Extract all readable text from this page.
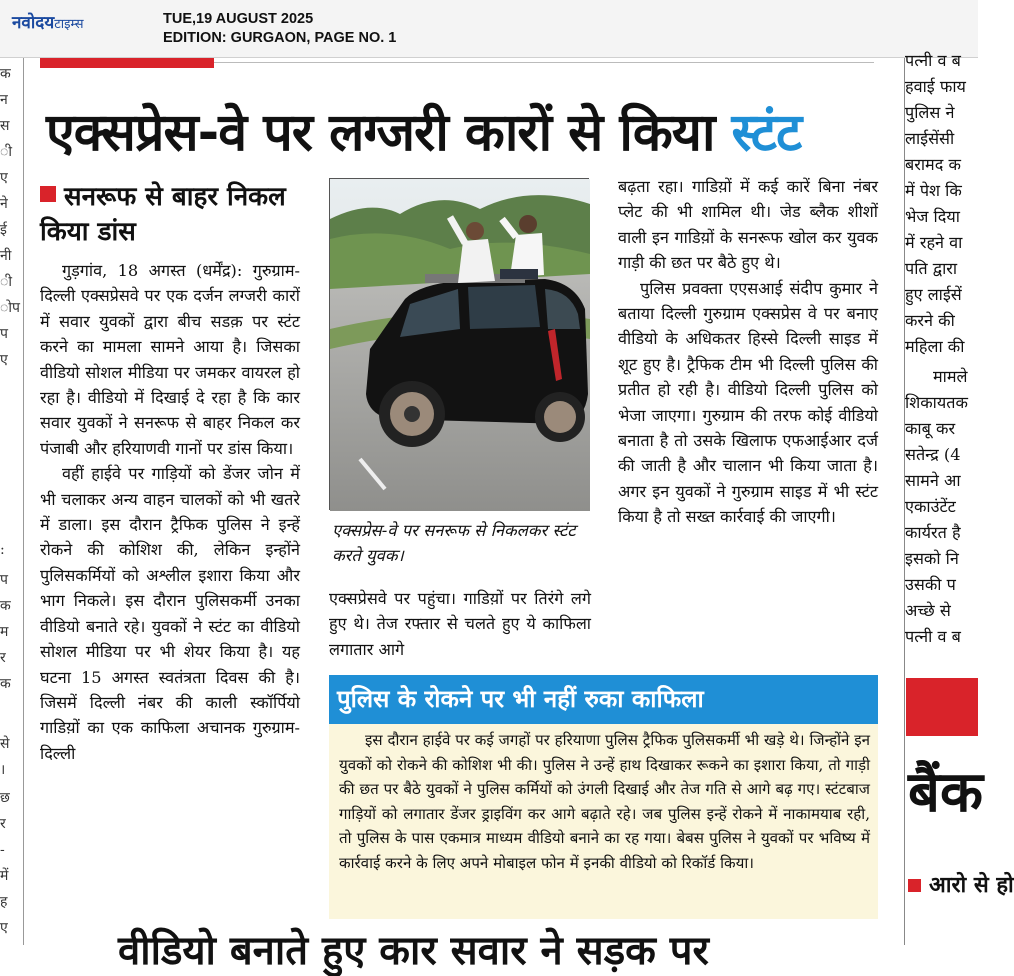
नवोदयटाइम्स	TUE,19 AUGUST 2025
EDITION: GURGAON, PAGE NO. 1
क
न
स
ी
ए
ने
ई
नी
ी
ोप
प
ए
:
प
क
म
र
क
से
।
छ
र
-
में
ह
ए
एक्सप्रेस-वे पर लग्जरी कारों से किया स्टंट
सनरूफ से बाहर निकल किया डांस

गुड़गांव, 18 अगस्त (धर्मेंद्र): गुरुग्राम-दिल्ली एक्सप्रेसवे पर एक दर्जन लग्जरी कारों में सवार युवकों द्वारा बीच सडक़ पर स्टंट करने का मामला सामने आया है। जिसका वीडियो सोशल मीडिया पर जमकर वायरल हो रहा है। वीडियो में दिखाई दे रहा है कि कार सवार युवकों ने सनरूफ से बाहर निकल कर पंजाबी और हरियाणवी गानों पर डांस किया।

वहीं हाईवे पर गाड़ियों को डेंजर जोन में भी चलाकर अन्य वाहन चालकों को भी खतरे में डाला। इस दौरान ट्रैफिक पुलिस ने इन्हें रोकने की कोशिश की, लेकिन इन्होंने पुलिसकर्मियों को अश्लील इशारा किया और भाग निकले। इस दौरान पुलिसकर्मी उनका वीडियो बनाते रहे। युवकों ने स्टंट का वीडियो सोशल मीडिया पर भी शेयर किया है। यह घटना 15 अगस्त स्वतंत्रता दिवस की है। जिसमें दिल्ली नंबर की काली स्कॉर्पियो गाडिय़ों का एक काफिला अचानक गुरुग्राम-दिल्ली

एक्सप्रेस-वे पर सनरूफ से निकलकर स्टंट करते युवक।

एक्सप्रेसवे पर पहुंचा। गाडिय़ों पर तिरंगे लगे हुए थे। तेज रफ्तार से चलते हुए ये काफिला लगातार आगे

बढ़ता रहा। गाडिय़ों में कई कारें बिना नंबर प्लेट की भी शामिल थी। जेड ब्लैक शीशों वाली इन गाडिय़ों के सनरूफ खोल कर युवक गाड़ी की छत पर बैठे हुए थे।

पुलिस प्रवक्ता एएसआई संदीप कुमार ने बताया दिल्ली गुरुग्राम एक्सप्रेस वे पर बनाए वीडियो के अधिकतर हिस्से दिल्ली साइड में शूट हुए है। ट्रैफिक टीम भी दिल्ली पुलिस की प्रतीत हो रही है। वीडियो दिल्ली पुलिस को भेजा जाएगा। गुरुग्राम की तरफ कोई वीडियो बनाता है तो उसके खिलाफ एफआईआर दर्ज की जाती है और चालान भी किया जाता है। अगर इन युवकों ने गुरुग्राम साइड में भी स्टंट किया है तो सख्त कार्रवाई की जाएगी।

पुलिस के रोकने पर भी नहीं रुका काफिला

इस दौरान हाईवे पर कई जगहों पर हरियाणा पुलिस ट्रैफिक पुलिसकर्मी भी खड़े थे। जिन्होंने इन युवकों को रोकने की कोशिश भी की। पुलिस ने उन्हें हाथ दिखाकर रूकने का इशारा किया, तो गाड़ी की छत पर बैठे युवकों ने पुलिस कर्मियों को उंगली दिखाई और तेज गति से आगे बढ़ गए। स्टंटबाज गाड़ियों को लगातार डेंजर ड्राइविंग कर आगे बढ़ाते रहे। जब पुलिस इन्हें रोकने में नाकामयाब रही, तो पुलिस के पास एकमात्र माध्यम वीडियो बनाने का रह गया। बेबस पुलिस ने युवकों पर भविष्य में कार्रवाई करने के लिए अपने मोबाइल फोन में इनकी वीडियो को रिकॉर्ड किया।

पत्नी व ब
हवाई फाय
पुलिस ने
लाईसेंसी
बरामद क
में पेश कि
भेज दिया
में रहने वा
पति द्वारा
हुए लाईसें
करने की
महिला की
मामले
शिकायतक
काबू कर
सतेन्द्र (4
सामने आ
एकाउंटेंट
कार्यरत है
इसको नि
उसकी प
अच्छे से
पत्नी व ब
बैंक
आरो से हो
वीडियो बनाते हुए कार सवार ने सड़क पर
